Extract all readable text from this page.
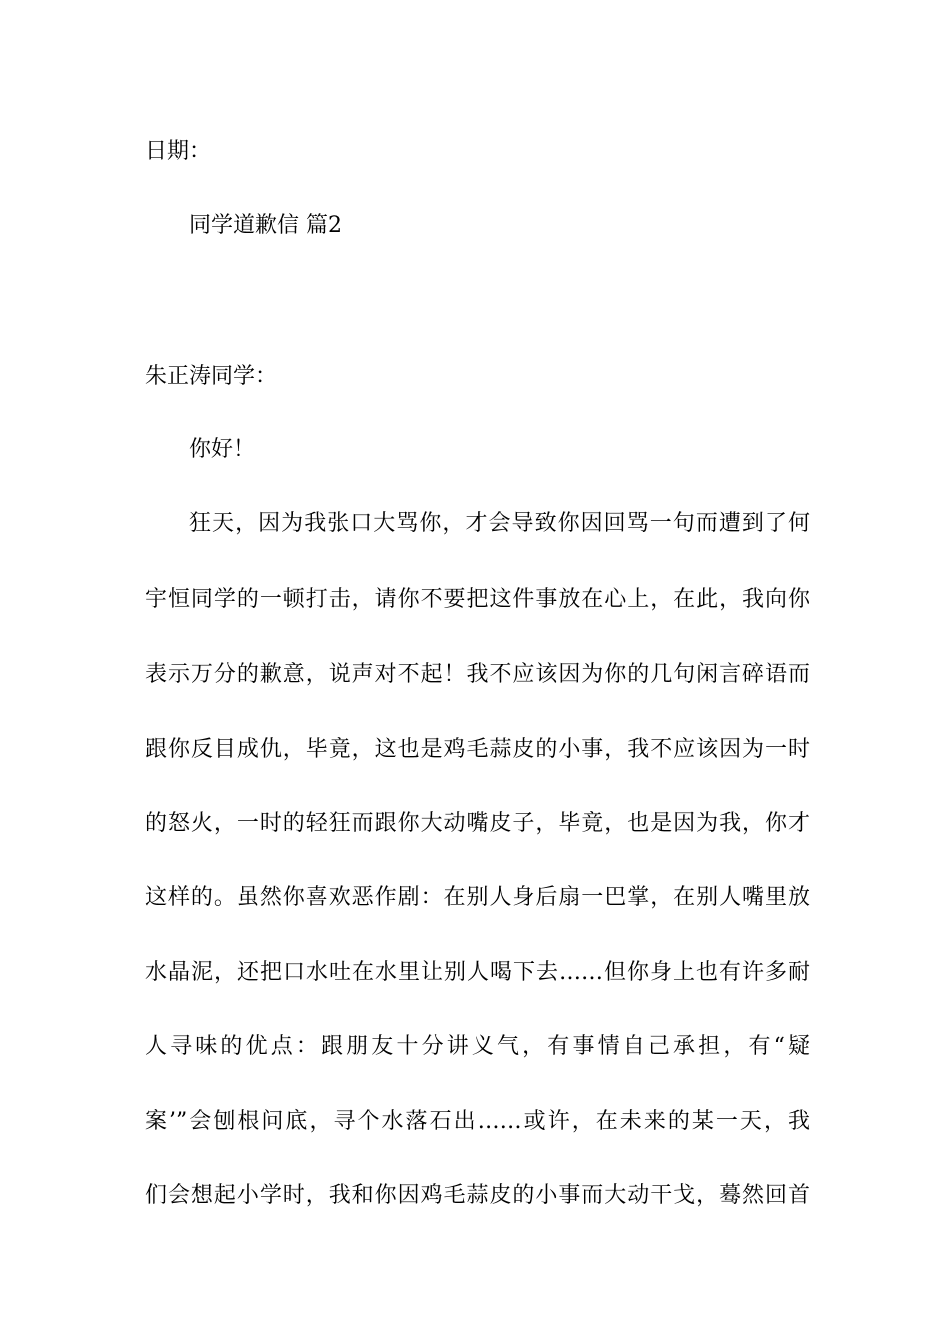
日期：
同学道歉信 篇2
朱正涛同学：
你好！
狂天，因为我张口大骂你，才会导致你因回骂一句而遭到了何
宇恒同学的一顿打击，请你不要把这件事放在心上，在此，我向你
表示万分的歉意，说声对不起！我不应该因为你的几句闲言碎语而
跟你反目成仇，毕竟，这也是鸡毛蒜皮的小事，我不应该因为一时
的怒火，一时的轻狂而跟你大动嘴皮子，毕竟，也是因为我，你才
这样的。虽然你喜欢恶作剧：在别人身后扇一巴掌，在别人嘴里放
水晶泥，还把口水吐在水里让别人喝下去……但你身上也有许多耐
人寻味的优点：跟朋友十分讲义气，有事情自己承担，有“疑
案’”会刨根问底，寻个水落石出……或许，在未来的某一天，我
们会想起小学时，我和你因鸡毛蒜皮的小事而大动干戈，蓦然回首
